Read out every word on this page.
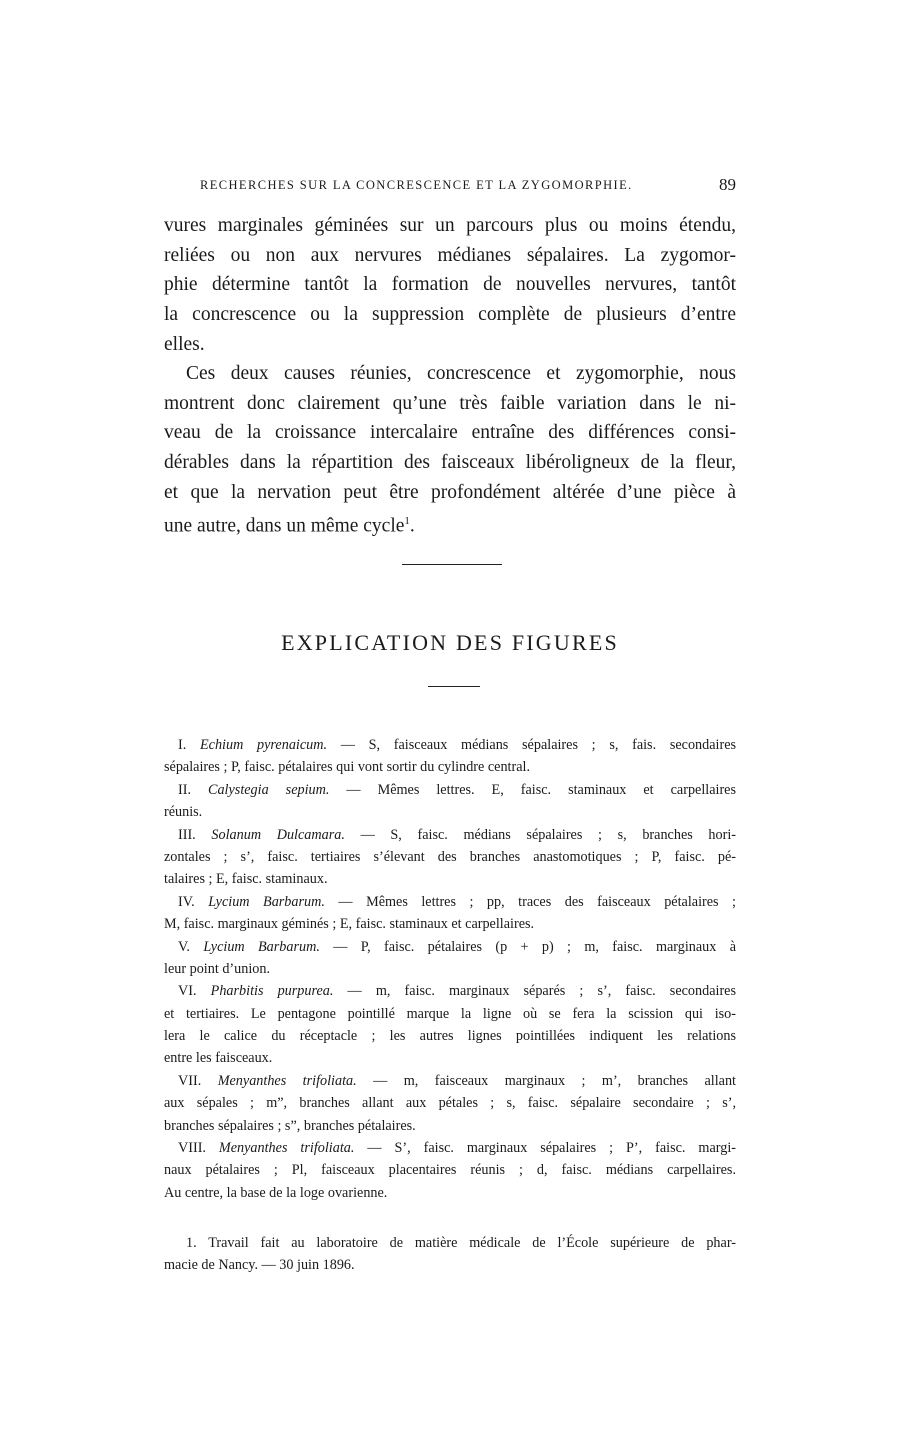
RECHERCHES SUR LA CONCRESCENCE ET LA ZYGOMORPHIE.	89
vures marginales géminées sur un parcours plus ou moins étendu,
reliées ou non aux nervures médianes sépalaires. La zygomor-
phie détermine tantôt la formation de nouvelles nervures, tantôt
la concrescence ou la suppression complète de plusieurs d’entre
elles.
Ces deux causes réunies, concrescence et zygomorphie, nous
montrent donc clairement qu’une très faible variation dans le ni-
veau de la croissance intercalaire entraîne des différences consi-
dérables dans la répartition des faisceaux libéroligneux de la fleur,
et que la nervation peut être profondément altérée d’une pièce à
une autre, dans un même cycle$^1$.
EXPLICATION DES FIGURES
I. Echium pyrenaicum. — S, faisceaux médians sépalaires ; s, fais. secondaires
sépalaires ; P, faisc. pétalaires qui vont sortir du cylindre central.
II. Calystegia sepium. — Mêmes lettres. E, faisc. staminaux et carpellaires
réunis.
III. Solanum Dulcamara. — S, faisc. médians sépalaires ; s, branches hori-
zontales ; s’, faisc. tertiaires s’élevant des branches anastomotiques ; P, faisc. pé-
talaires ; E, faisc. staminaux.
IV. Lycium Barbarum. — Mêmes lettres ; pp, traces des faisceaux pétalaires ;
M, faisc. marginaux géminés ; E, faisc. staminaux et carpellaires.
V. Lycium Barbarum. — P, faisc. pétalaires (p + p) ; m, faisc. marginaux à
leur point d’union.
VI. Pharbitis purpurea. — m, faisc. marginaux séparés ; s’, faisc. secondaires
et tertiaires. Le pentagone pointillé marque la ligne où se fera la scission qui iso-
lera le calice du réceptacle ; les autres lignes pointillées indiquent les relations
entre les faisceaux.
VII. Menyanthes trifoliata. — m, faisceaux marginaux ; m’, branches allant
aux sépales ; m”, branches allant aux pétales ; s, faisc. sépalaire secondaire ; s’,
branches sépalaires ; s”, branches pétalaires.
VIII. Menyanthes trifoliata. — S’, faisc. marginaux sépalaires ; P’, faisc. margi-
naux pétalaires ; Pl, faisceaux placentaires réunis ; d, faisc. médians carpellaires.
Au centre, la base de la loge ovarienne.
1. Travail fait au laboratoire de matière médicale de l’École supérieure de phar-
macie de Nancy. — 30 juin 1896.
